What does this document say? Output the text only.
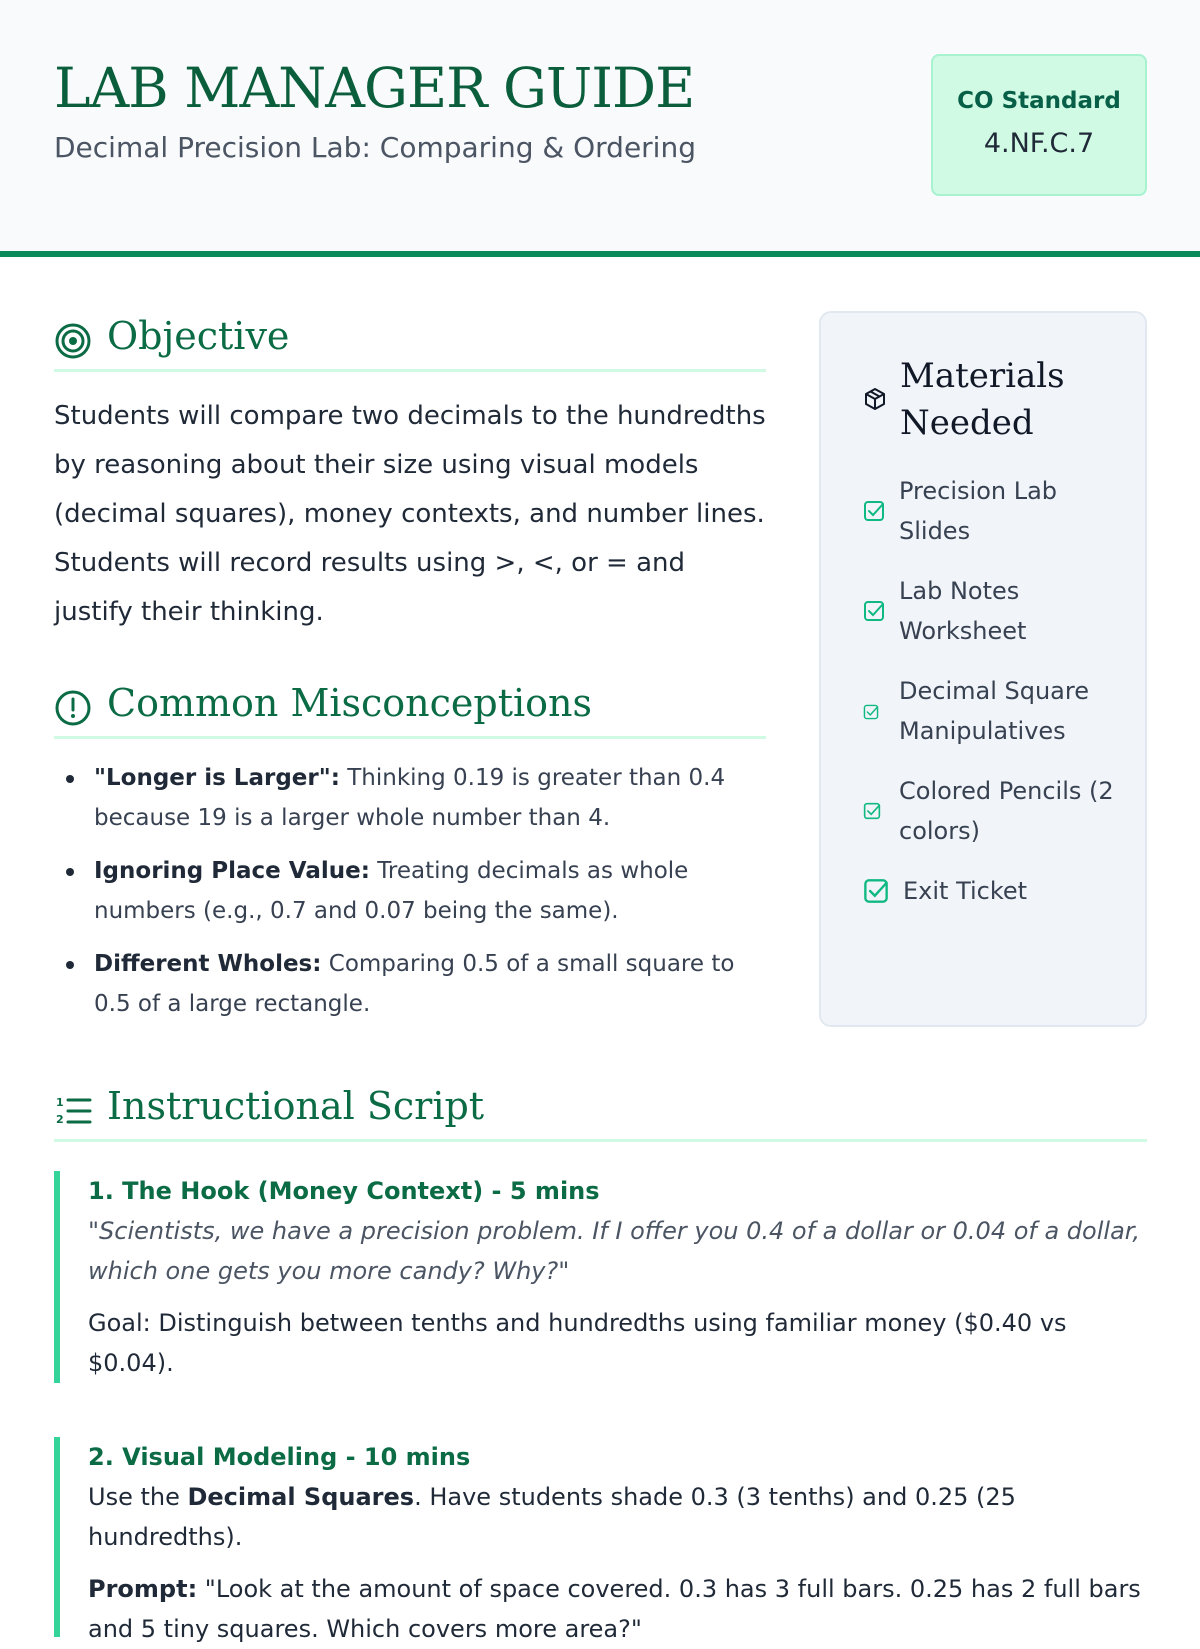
LAB MANAGER GUIDE
Decimal Precision Lab: Comparing & Ordering
CO Standard
4.NF.C.7
Objective
Students will compare two decimals to the hundredths by reasoning about their size using visual models (decimal squares), money contexts, and number lines. Students will record results using >, <, or = and justify their thinking.
Common Misconceptions
"Longer is Larger": Thinking 0.19 is greater than 0.4 because 19 is a larger whole number than 4.
Ignoring Place Value: Treating decimals as whole numbers (e.g., 0.7 and 0.07 being the same).
Different Wholes: Comparing 0.5 of a small square to 0.5 of a large rectangle.
Materials Needed
Precision Lab Slides
Lab Notes Worksheet
Decimal Square Manipulatives
Colored Pencils (2 colors)
Exit Ticket
1
2 Instructional Script
1. The Hook (Money Context) - 5 mins
"Scientists, we have a precision problem. If I offer you 0.4 of a dollar or 0.04 of a dollar, which one gets you more candy? Why?"
Goal: Distinguish between tenths and hundredths using familiar money ($0.40 vs $0.04).
2. Visual Modeling - 10 mins
Use the Decimal Squares. Have students shade 0.3 (3 tenths) and 0.25 (25 hundredths).
Prompt: "Look at the amount of space covered. 0.3 has 3 full bars. 0.25 has 2 full bars and 5 tiny squares. Which covers more area?"
